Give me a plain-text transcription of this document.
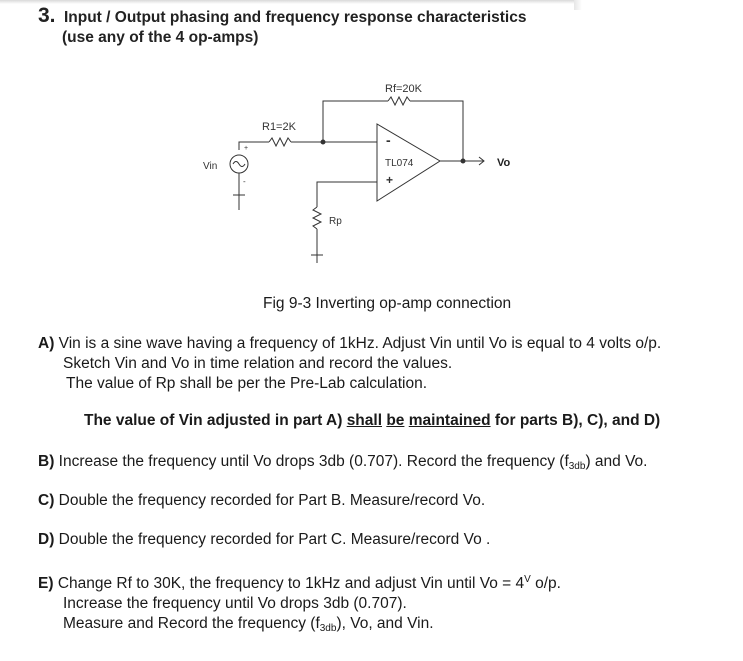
3. Input / Output phasing and frequency response characteristics
(use any of the 4 op-amps)
Rf=20K
R1=2K
-
TL074
+
Vo
+
-
Vin
Rp
Fig 9-3 Inverting op-amp connection
A) Vin is a sine wave having a frequency of 1kHz. Adjust Vin until Vo is equal to 4 volts o/p.
Sketch Vin and Vo in time relation and record the values.
The value of Rp shall be per the Pre-Lab calculation.
The value of Vin adjusted in part A) shall be maintained for parts B), C), and D)
B) Increase the frequency until Vo drops 3db (0.707). Record the frequency $(f_{3db})$ and Vo.
C) Double the frequency recorded for Part B. Measure/record Vo.
D) Double the frequency recorded for Part C. Measure/record Vo .
E) Change Rf to 30K, the frequency to 1kHz and adjust Vin until $Vo = 4^V$ o/p.
Increase the frequency until Vo drops 3db (0.707).
Measure and Record the frequency $(f_{3db})$, Vo, and Vin.
